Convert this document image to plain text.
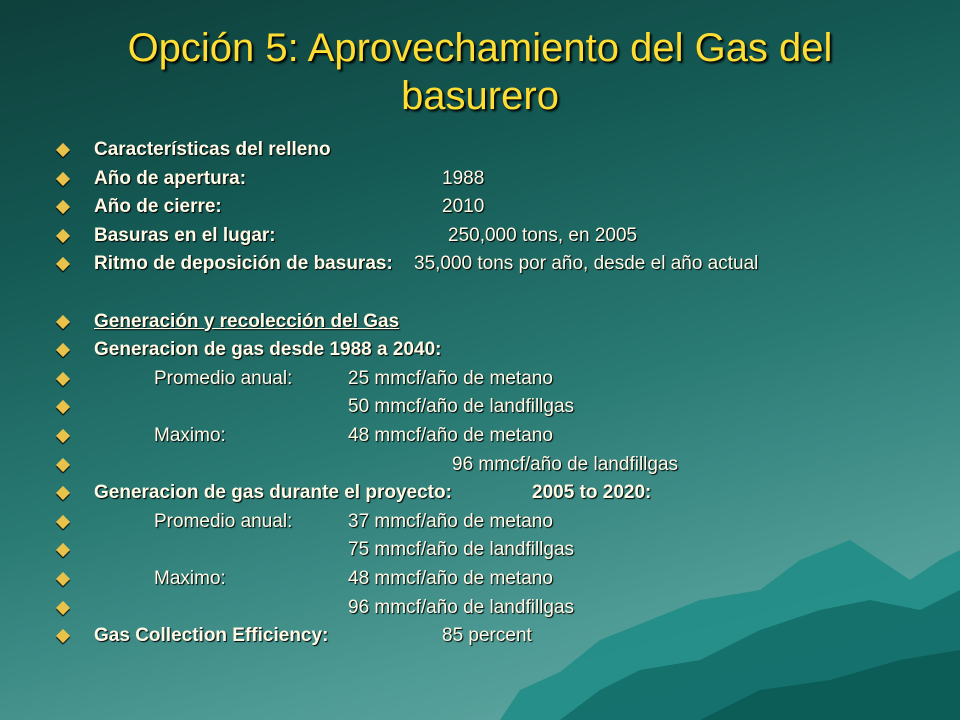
Opción 5: Aprovechamiento del Gas del
basurero
Características del relleno
Año de apertura:	1988
Año de cierre:	2010
Basuras en el lugar:	250,000 tons, en 2005
Ritmo de deposición de basuras: 35,000 tons por año, desde el año actual
Generación y recolección del Gas
Generacion de gas desde 1988 a 2040:
Promedio anual:	25 mmcf/año de metano
50 mmcf/año de landfillgas
Maximo:	48 mmcf/año de metano
96 mmcf/año de landfillgas
Generacion de gas durante el proyecto:	2005 to 2020:
Promedio anual:	37 mmcf/año de metano
75 mmcf/año de landfillgas
Maximo:	48 mmcf/año de metano
96 mmcf/año de landfillgas
Gas Collection Efficiency:	85 percent
